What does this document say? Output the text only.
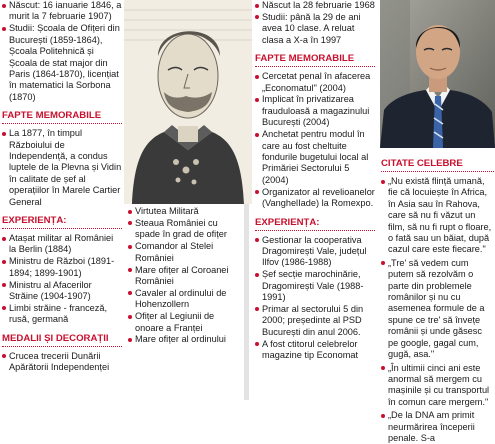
Născut: 16 ianuarie 1846, a murit la 7 februarie 1907)
Studii: Școala de Ofițeri din București (1859-1864), Școala Politehnică și Școala de stat major din Paris (1864-1870), licențiat în matematici la Sorbona (1870)
FAPTE MEMORABILE
La 1877, în timpul Războiului de Independență, a condus luptele de la Plevna și Vidin în calitate de șef al operațiilor în Marele Cartier General
EXPERIENȚA:
Atașat militar al României la Berlin (1884)
Ministru de Război (1891-1894; 1899-1901)
Ministru al Afacerilor Străine (1904-1907)
Limbi străine - franceză, rusă, germană
MEDALII ȘI DECORAȚII
Crucea trecerii Dunării Apărătorii Independenței
Virtutea Militară
Steaua României cu spade în grad de ofițer
Comandor al Stelei României
Mare ofițer al Coroanei României
Cavaler al ordinului de Hohenzollern
Ofițer al Legiunii de onoare a Franței
Mare ofițer al ordinului
Născut la 28 februarie 1968
Studii: până la 29 de ani avea 10 clase. A reluat clasa a X-a în 1997
FAPTE MEMORABILE
Cercetat penal în afacerea „Economatul" (2004)
Implicat în privatizarea frauduloasă a magazinului București (2004)
Anchetat pentru modul în care au fost cheltuite fondurile bugetului local al Primăriei Sectorului 5 (2004)
Organizator al revelioanelor (VanghelIade) la Romexpo.
EXPERIENȚA:
Gestionar la cooperativa Dragomirești Vale, județul Ilfov (1986-1988)
Șef secție marochinărie, Dragomirești Vale (1988-1991)
Primar al sectorului 5 din 2000; președinte al PSD București din anul 2006.
A fost ctitorul celebrelor magazine tip Economat
CITATE CELEBRE

„Nu există flință umană, fie că locuiește în Africa, în Asia sau în Rahova, care să nu fi văzut un film, să nu fi rupt o floare, o fată sau un băiat, după cazul care este fiecare."

„Tre' să vedem cum putem să rezolvăm o parte din problemele românilor și nu cu asemenea formule de a spune ce tre' să învețe românii și unde găsesc pe google, gagal cum, gugă, asa."

„În ultimii cinci ani este anormal să mergem cu mașinile și cu transportul în comun care mergem."

„De la DNA am primit neurmărirea începerii penale. S-a
